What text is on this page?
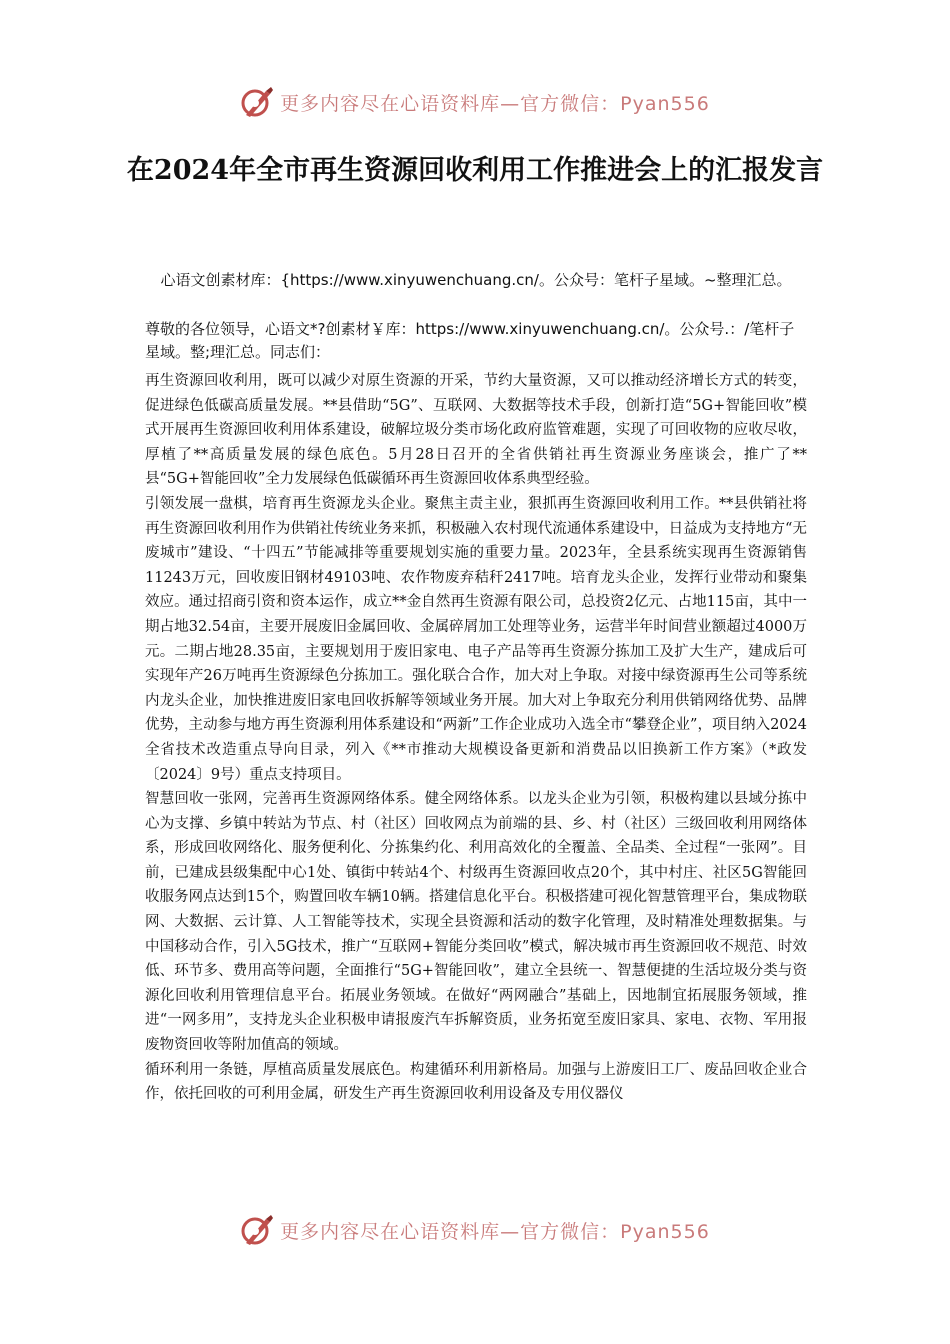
更多内容尽在心语资料库—官方微信：Pyan556
在2024年全市再生资源回收利用工作推进会上的汇报发言

心语文创素材库：{https://www.xinyuwenchuang.cn/。公众号：笔杆子星域。~整理汇总。

尊敬的各位领导，心语文*?创素材￥库：https://www.xinyuwenchuang.cn/。公众号.：/笔杆子星域。整;理汇总。同志们：

再生资源回收利用，既可以减少对原生资源的开采，节约大量资源，又可以推动经济增长方式的转变，促进绿色低碳高质量发展。**县借助“5G”、互联网、大数据等技术手段，创新打造“5G+智能回收”模式开展再生资源回收利用体系建设，破解垃圾分类市场化政府监管难题，实现了可回收物的应收尽收，厚植了**高质量发展的绿色底色。5月28日召开的全省供销社再生资源业务座谈会，推广了**县“5G+智能回收”全力发展绿色低碳循环再生资源回收体系典型经验。

引领发展一盘棋，培育再生资源龙头企业。聚焦主责主业，狠抓再生资源回收利用工作。**县供销社将再生资源回收利用作为供销社传统业务来抓，积极融入农村现代流通体系建设中，日益成为支持地方“无废城市”建设、“十四五”节能减排等重要规划实施的重要力量。2023年，全县系统实现再生资源销售11243万元，回收废旧钢材49103吨、农作物废弃秸秆2417吨。培育龙头企业，发挥行业带动和聚集效应。通过招商引资和资本运作，成立**金自然再生资源有限公司，总投资2亿元、占地115亩，其中一期占地32.54亩，主要开展废旧金属回收、金属碎屑加工处理等业务，运营半年时间营业额超过4000万元。二期占地28.35亩，主要规划用于废旧家电、电子产品等再生资源分拣加工及扩大生产，建成后可实现年产26万吨再生资源绿色分拣加工。强化联合合作，加大对上争取。对接中绿资源再生公司等系统内龙头企业，加快推进废旧家电回收拆解等领域业务开展。加大对上争取充分利用供销网络优势、品牌优势，主动参与地方再生资源利用体系建设和“两新”工作企业成功入选全市“攀登企业”，项目纳入2024全省技术改造重点导向目录，列入《**市推动大规模设备更新和消费品以旧换新工作方案》（*政发〔2024〕9号）重点支持项目。

智慧回收一张网，完善再生资源网络体系。健全网络体系。以龙头企业为引领，积极构建以县域分拣中心为支撑、乡镇中转站为节点、村（社区）回收网点为前端的县、乡、村（社区）三级回收利用网络体系，形成回收网络化、服务便利化、分拣集约化、利用高效化的全覆盖、全品类、全过程“一张网”。目前，已建成县级集配中心1处、镇街中转站4个、村级再生资源回收点20个，其中村庄、社区5G智能回收服务网点达到15个，购置回收车辆10辆。搭建信息化平台。积极搭建可视化智慧管理平台，集成物联网、大数据、云计算、人工智能等技术，实现全县资源和活动的数字化管理，及时精准处理数据集。与中国移动合作，引入5G技术，推广“互联网+智能分类回收”模式，解决城市再生资源回收不规范、时效低、环节多、费用高等问题，全面推行“5G+智能回收”，建立全县统一、智慧便捷的生活垃圾分类与资源化回收利用管理信息平台。拓展业务领域。在做好“两网融合”基础上，因地制宜拓展服务领域，推进“一网多用”，支持龙头企业积极申请报废汽车拆解资质，业务拓宽至废旧家具、家电、衣物、军用报废物资回收等附加值高的领域。

循环利用一条链，厚植高质量发展底色。构建循环利用新格局。加强与上游废旧工厂、废品回收企业合作，依托回收的可利用金属，研发生产再生资源回收利用设备及专用仪器仪

更多内容尽在心语资料库—官方微信：Pyan556
